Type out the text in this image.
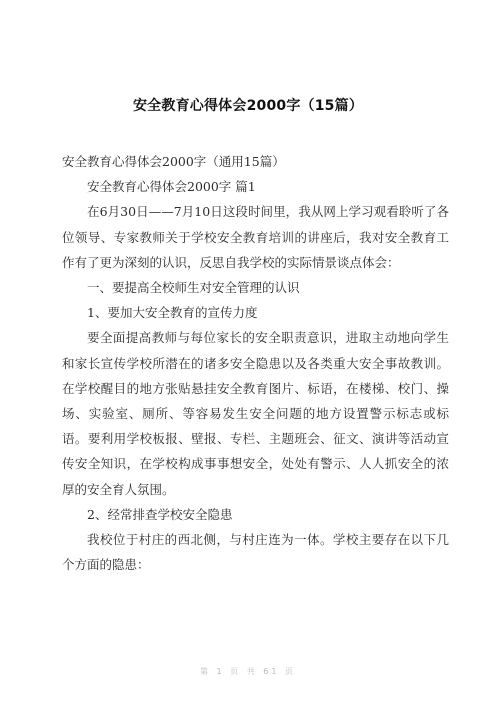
安全教育心得体会2000字（15篇）

安全教育心得体会2000字（通用15篇）

安全教育心得体会2000字 篇1

在6月30日——7月10日这段时间里，我从网上学习观看聆听了各位领导、专家教师关于学校安全教育培训的讲座后，我对安全教育工作有了更为深刻的认识，反思自我学校的实际情景谈点体会：

一、要提高全校师生对安全管理的认识

1、要加大安全教育的宣传力度

要全面提高教师与每位家长的安全职责意识，进取主动地向学生和家长宣传学校所潜在的诸多安全隐患以及各类重大安全事故教训。在学校醒目的地方张贴悬挂安全教育图片、标语，在楼梯、校门、操场、实验室、厕所、等容易发生安全问题的地方设置警示标志或标语。要利用学校板报、壁报、专栏、主题班会、征文、演讲等活动宣传安全知识，在学校构成事事想安全，处处有警示、人人抓安全的浓厚的安全育人氛围。

2、经常排查学校安全隐患

我校位于村庄的西北侧，与村庄连为一体。学校主要存在以下几个方面的隐患：

第 1 页 共 61 页
